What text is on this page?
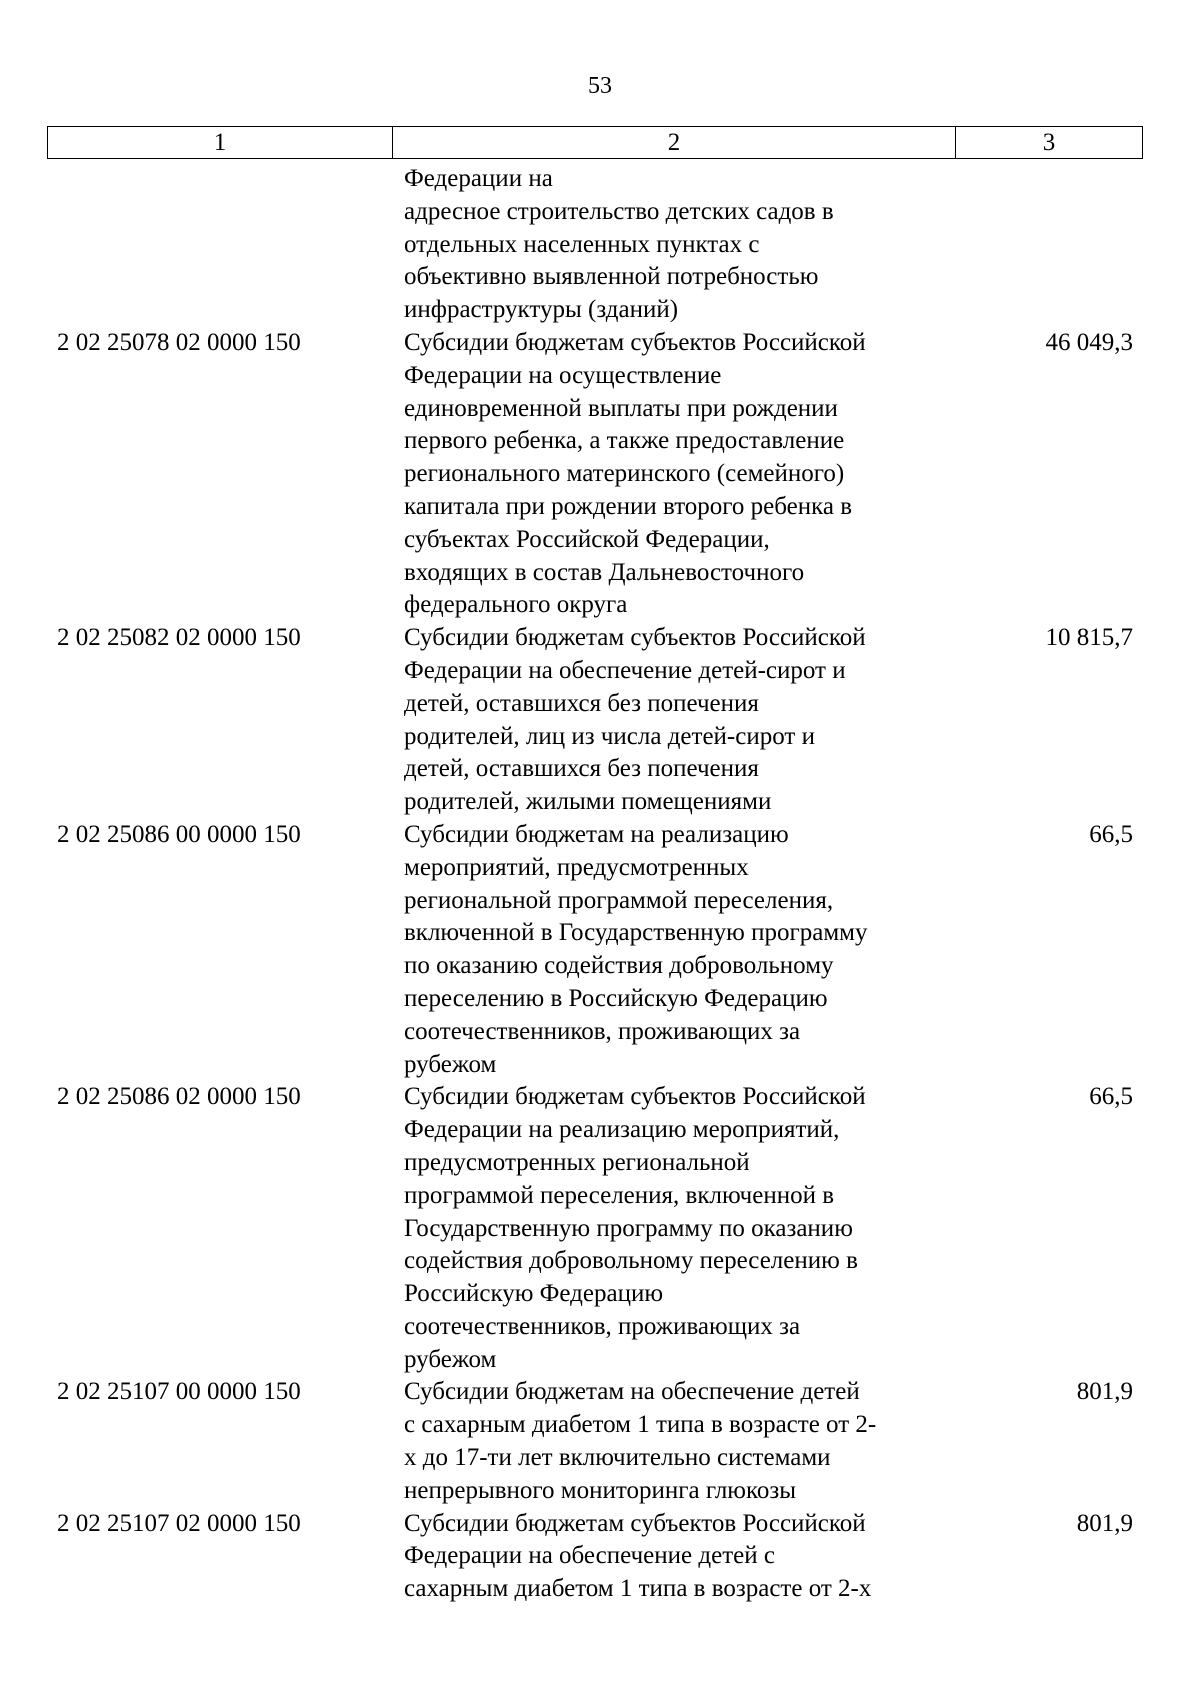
53
1	2	3
Федерации на
адресное строительство детских садов в
отдельных населенных пунктах с
объективно выявленной потребностью
инфраструктуры (зданий)
2 02 25078 02 0000 150	Субсидии бюджетам субъектов Российской
Федерации на осуществление
единовременной выплаты при рождении
первого ребенка, а также предоставление
регионального материнского (семейного)
капитала при рождении второго ребенка в
субъектах Российской Федерации,
входящих в состав Дальневосточного
федерального округа
46 049,3
2 02 25082 02 0000 150	Субсидии бюджетам субъектов Российской
Федерации на обеспечение детей-сирот и
детей, оставшихся без попечения
родителей, лиц из числа детей-сирот и
детей, оставшихся без попечения
родителей, жилыми помещениями
10 815,7
2 02 25086 00 0000 150	Субсидии бюджетам на реализацию
мероприятий, предусмотренных
региональной программой переселения,
включенной в Государственную программу
по оказанию содействия добровольному
переселению в Российскую Федерацию
соотечественников, проживающих за
рубежом
66,5
2 02 25086 02 0000 150	Субсидии бюджетам субъектов Российской
Федерации на реализацию мероприятий,
предусмотренных региональной
программой переселения, включенной в
Государственную программу по оказанию
содействия добровольному переселению в
Российскую Федерацию
соотечественников, проживающих за
рубежом
66,5
2 02 25107 00 0000 150	Субсидии бюджетам на обеспечение детей
с сахарным диабетом 1 типа в возрасте от 2-
х до 17-ти лет включительно системами
непрерывного мониторинга глюкозы
801,9
2 02 25107 02 0000 150	Субсидии бюджетам субъектов Российской
Федерации на обеспечение детей с
сахарным диабетом 1 типа в возрасте от 2-х
801,9
